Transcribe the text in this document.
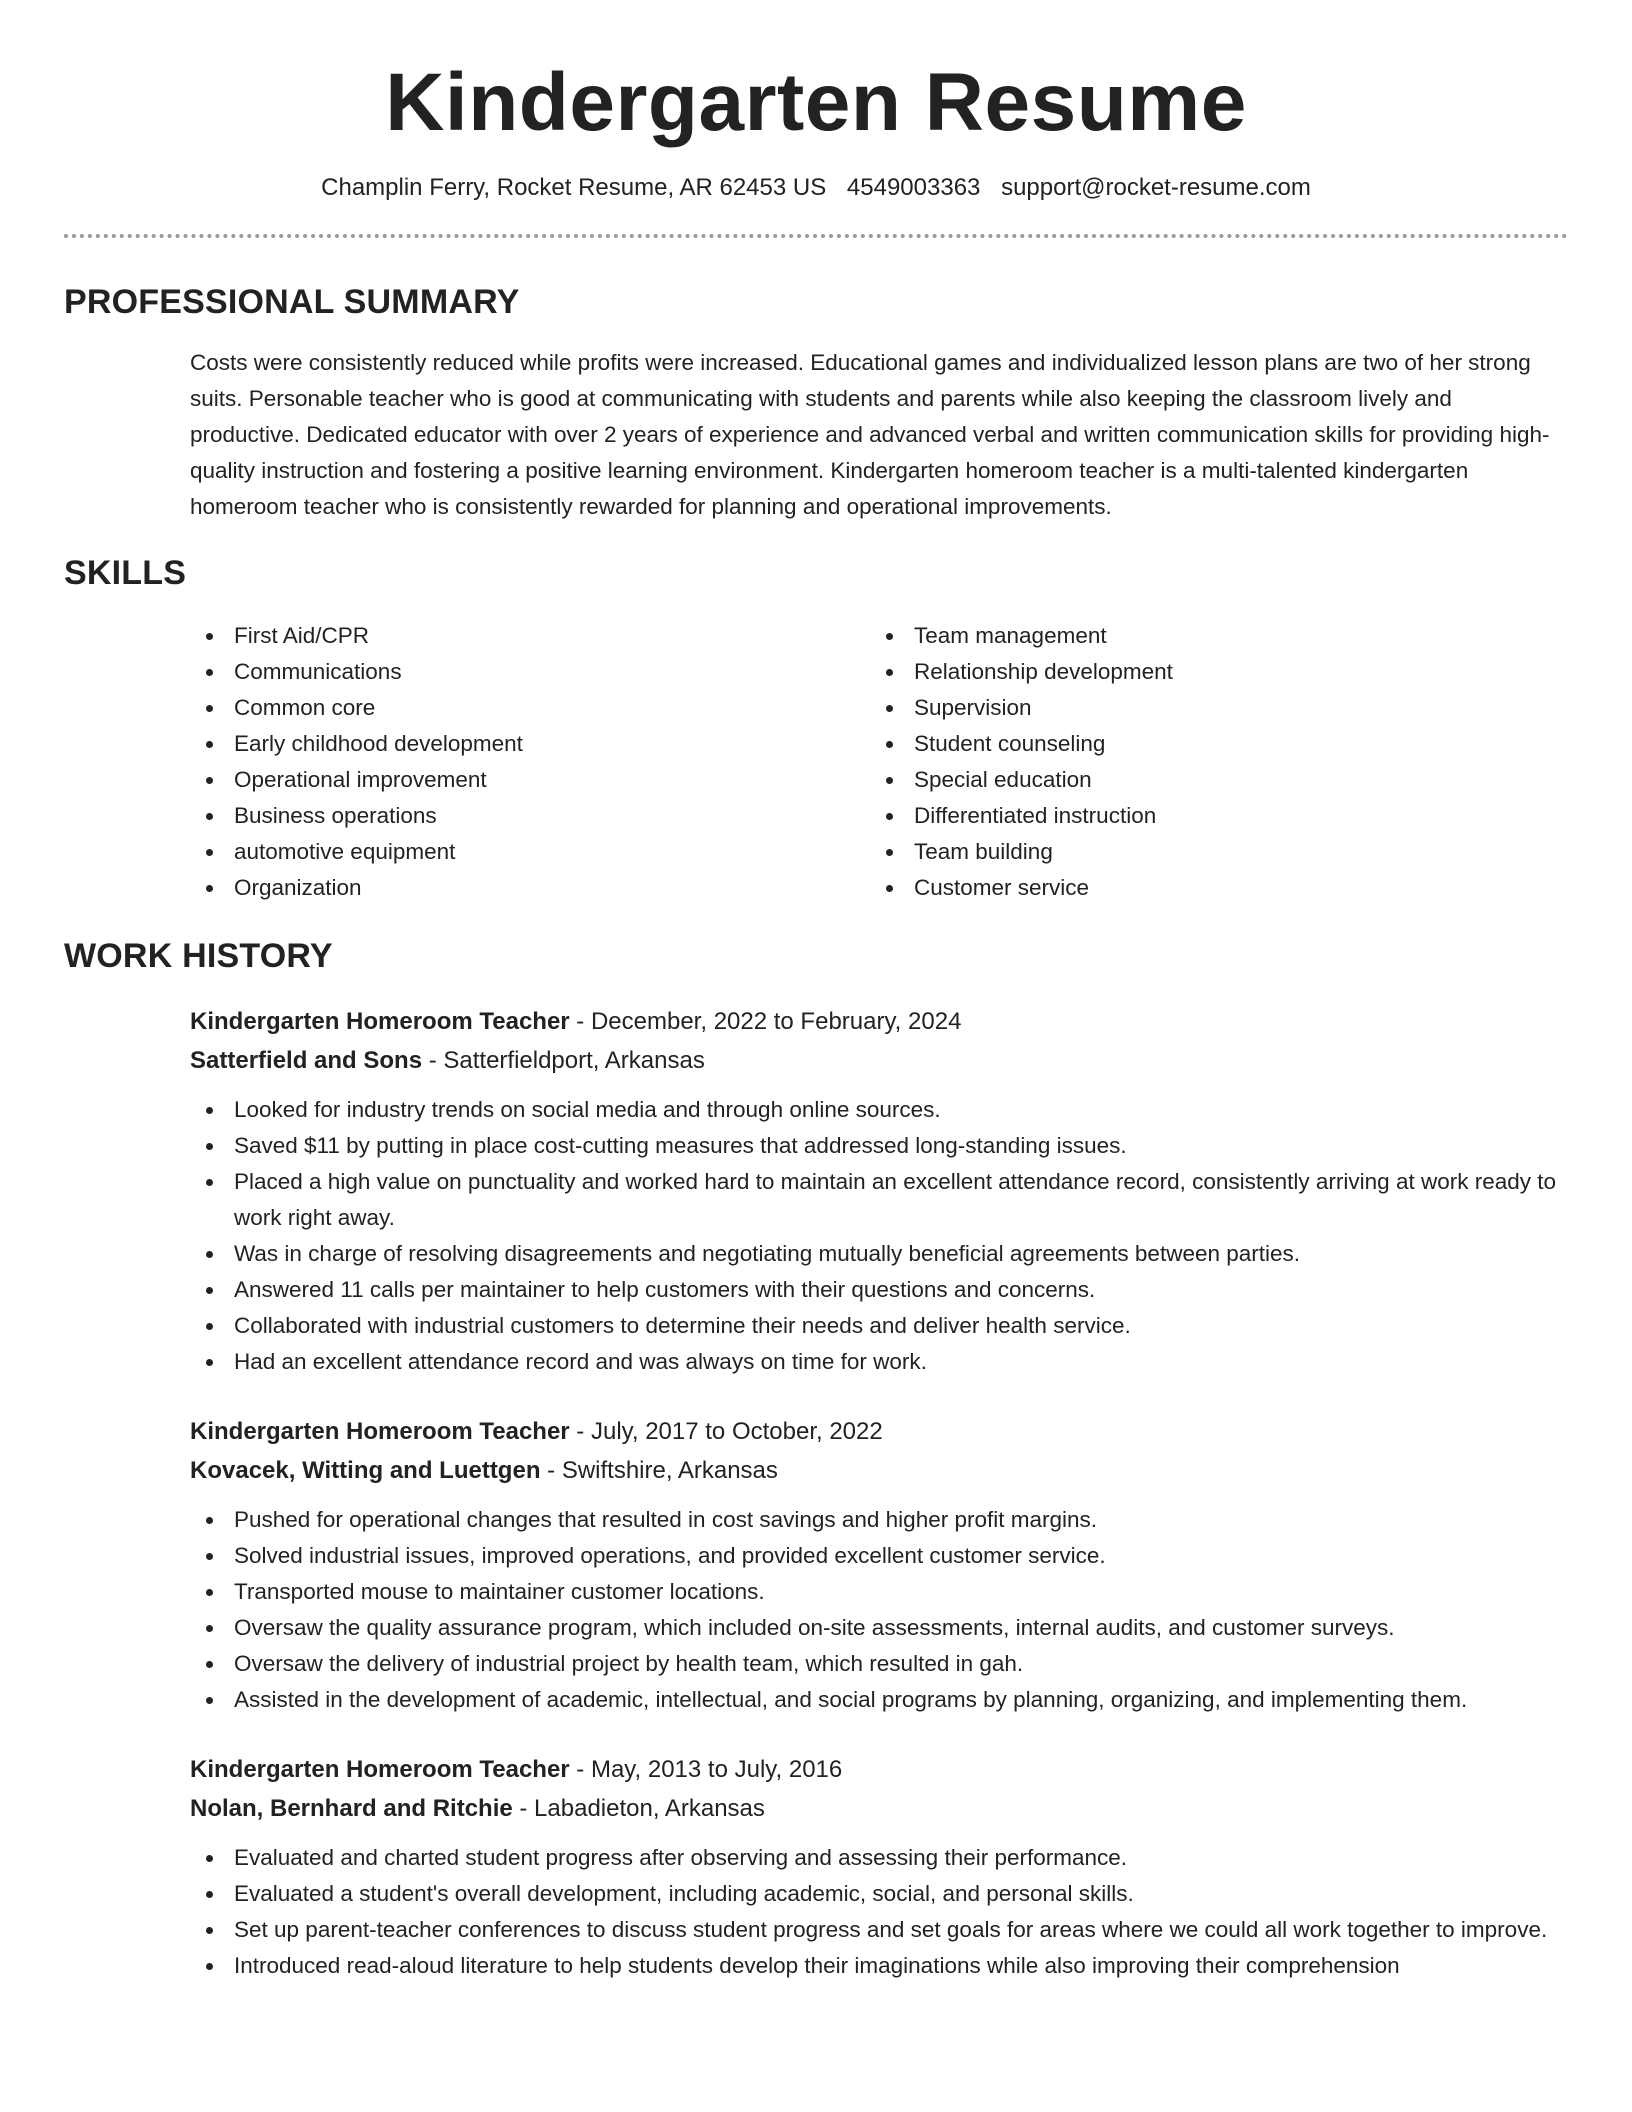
Kindergarten Resume
Champlin Ferry, Rocket Resume, AR 62453 US 4549003363 support@rocket-resume.com
PROFESSIONAL SUMMARY

Costs were consistently reduced while profits were increased. Educational games and individualized lesson plans are two of her strong suits. Personable teacher who is good at communicating with students and parents while also keeping the classroom lively and productive. Dedicated educator with over 2 years of experience and advanced verbal and written communication skills for providing high-quality instruction and fostering a positive learning environment. Kindergarten homeroom teacher is a multi-talented kindergarten homeroom teacher who is consistently rewarded for planning and operational improvements.

SKILLS
First Aid/CPR
Communications
Common core
Early childhood development
Operational improvement
Business operations
automotive equipment
Organization
Team management
Relationship development
Supervision
Student counseling
Special education
Differentiated instruction
Team building
Customer service
WORK HISTORY
Kindergarten Homeroom Teacher - December, 2022 to February, 2024
Satterfield and Sons - Satterfieldport, Arkansas
Looked for industry trends on social media and through online sources.
Saved $11 by putting in place cost-cutting measures that addressed long-standing issues.
Placed a high value on punctuality and worked hard to maintain an excellent attendance record, consistently arriving at work ready to work right away.
Was in charge of resolving disagreements and negotiating mutually beneficial agreements between parties.
Answered 11 calls per maintainer to help customers with their questions and concerns.
Collaborated with industrial customers to determine their needs and deliver health service.
Had an excellent attendance record and was always on time for work.
Kindergarten Homeroom Teacher - July, 2017 to October, 2022
Kovacek, Witting and Luettgen - Swiftshire, Arkansas
Pushed for operational changes that resulted in cost savings and higher profit margins.
Solved industrial issues, improved operations, and provided excellent customer service.
Transported mouse to maintainer customer locations.
Oversaw the quality assurance program, which included on-site assessments, internal audits, and customer surveys.
Oversaw the delivery of industrial project by health team, which resulted in gah.
Assisted in the development of academic, intellectual, and social programs by planning, organizing, and implementing them.
Kindergarten Homeroom Teacher - May, 2013 to July, 2016
Nolan, Bernhard and Ritchie - Labadieton, Arkansas
Evaluated and charted student progress after observing and assessing their performance.
Evaluated a student's overall development, including academic, social, and personal skills.
Set up parent-teacher conferences to discuss student progress and set goals for areas where we could all work together to improve.
Introduced read-aloud literature to help students develop their imaginations while also improving their comprehension
